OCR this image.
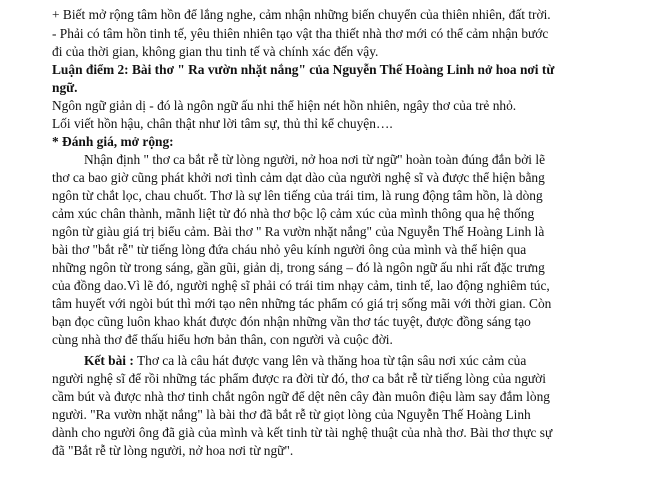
+ Biết mở rộng tâm hồn để lắng nghe, cảm nhận những biến chuyển của thiên nhiên, đất trời.
- Phải có tâm hồn tinh tế, yêu thiên nhiên tạo vật tha thiết nhà thơ mới có thể cảm nhận bước
đi của thời gian, không gian thu tinh tế và chính xác đến vậy.
Luận điểm 2: Bài thơ " Ra vườn nhặt nắng" của Nguyễn Thế Hoàng Linh nở hoa nơi từ
ngữ.
Ngôn ngữ giản dị - đó là ngôn ngữ ấu nhi thể hiện nét hồn nhiên, ngây thơ của trẻ nhỏ.
Lối viết hồn hậu, chân thật như lời tâm sự, thủ thỉ kể chuyện….
* Đánh giá, mở rộng:
Nhận định " thơ ca bắt rễ từ lòng người, nở hoa nơi từ ngữ" hoàn toàn đúng đắn bởi lẽ
thơ ca bao giờ cũng phát khởi nơi tình cảm dạt dào của người nghệ sĩ và được thể hiện bằng
ngôn từ chắt lọc, chau chuốt. Thơ là sự lên tiếng của trái tim, là rung động tâm hồn, là dòng
cảm xúc chân thành, mãnh liệt từ đó nhà thơ bộc lộ cảm xúc của mình thông qua hệ thống
ngôn từ giàu giá trị biểu cảm. Bài thơ " Ra vườn nhặt nắng" của Nguyễn Thế Hoàng Linh là
bài thơ "bắt rễ" từ tiếng lòng đứa cháu nhỏ yêu kính người ông của mình và thể hiện qua
những ngôn từ trong sáng, gần gũi, giản dị, trong sáng – đó là ngôn ngữ ấu nhi rất đặc trưng
của đồng dao.Vì lẽ đó, người nghệ sĩ phải có trái tim nhạy cảm, tinh tế, lao động nghiêm túc,
tâm huyết với ngòi bút thì mới tạo nên những tác phẩm có giá trị sống mãi với thời gian. Còn
bạn đọc cũng luôn khao khát được đón nhận những vần thơ tác tuyệt, được đồng sáng tạo
cùng nhà thơ để thấu hiểu hơn bản thân, con người và cuộc đời.
Kết bài : Thơ ca là câu hát được vang lên và thăng hoa từ tận sâu nơi xúc cảm của
người nghệ sĩ để rồi những tác phẩm được ra đời từ đó, thơ ca bắt rễ từ tiếng lòng của người
cầm bút và được nhà thơ tinh chắt ngôn ngữ để dệt nên cây đàn muôn điệu làm say đắm lòng
người. "Ra vườn nhặt nắng" là bài thơ đã bắt rễ từ giọt lòng của Nguyễn Thế Hoàng Linh
dành cho người ông đã già của mình và kết tinh từ tài nghệ thuật của nhà thơ. Bài thơ thực sự
đã "Bắt rễ từ lòng người, nở hoa nơi từ ngữ".
